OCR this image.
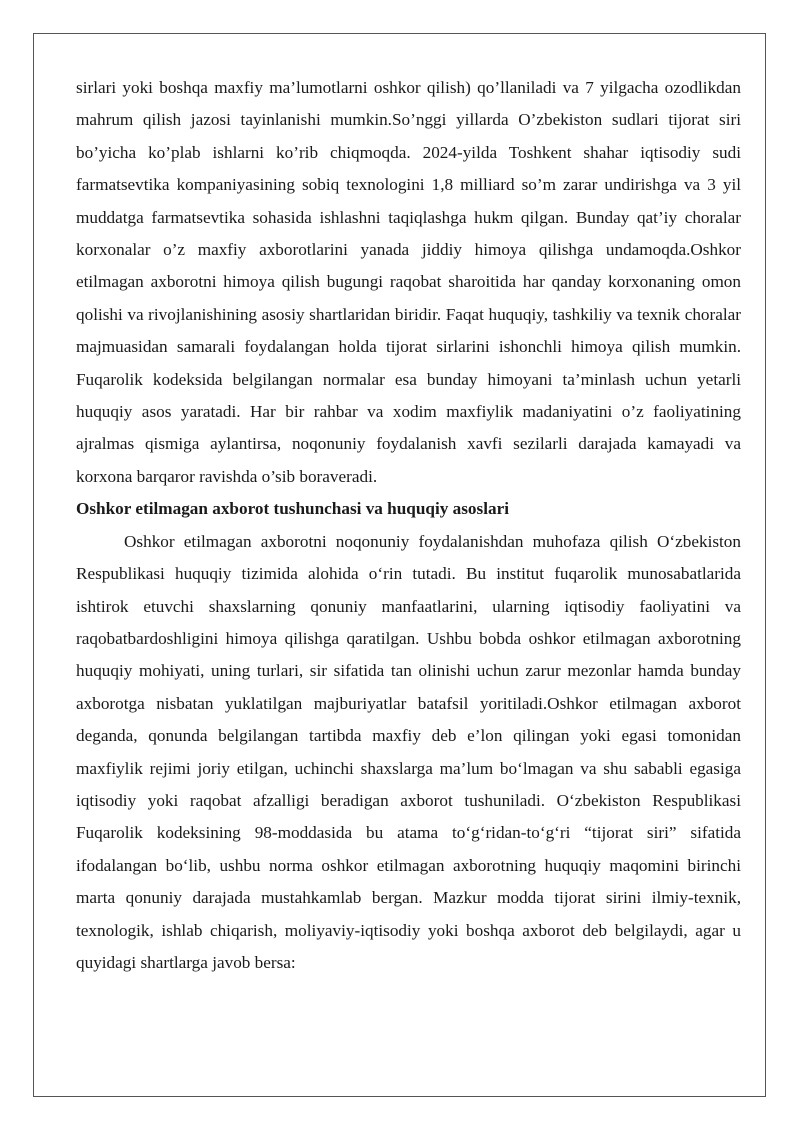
sirlari yoki boshqa maxfiy ma’lumotlarni oshkor qilish) qo’llaniladi va 7 yilgacha ozodlikdan mahrum qilish jazosi tayinlanishi mumkin.So’nggi yillarda O’zbekiston sudlari tijorat siri bo’yicha ko’plab ishlarni ko’rib chiqmoqda. 2024-yilda Toshkent shahar iqtisodiy sudi farmatsevtika kompaniyasining sobiq texnologini 1,8 milliard so’m zarar undirishga va 3 yil muddatga farmatsevtika sohasida ishlashni taqiqlashga hukm qilgan. Bunday qat’iy choralar korxonalar o’z maxfiy axborotlarini yanada jiddiy himoya qilishga undamoqda.Oshkor etilmagan axborotni himoya qilish bugungi raqobat sharoitida har qanday korxonaning omon qolishi va rivojlanishining asosiy shartlaridan biridir. Faqat huquqiy, tashkiliy va texnik choralar majmuasidan samarali foydalangan holda tijorat sirlarini ishonchli himoya qilish mumkin. Fuqarolik kodeksida belgilangan normalar esa bunday himoyani ta’minlash uchun yetarli huquqiy asos yaratadi. Har bir rahbar va xodim maxfiylik madaniyatini o’z faoliyatining ajralmas qismiga aylantirsa, noqonuniy foydalanish xavfi sezilarli darajada kamayadi va korxona barqaror ravishda o’sib boraveradi.

Oshkor etilmagan axborot tushunchasi va huquqiy asoslari

Oshkor etilmagan axborotni noqonuniy foydalanishdan muhofaza qilish O‘zbekiston Respublikasi huquqiy tizimida alohida o‘rin tutadi. Bu institut fuqarolik munosabatlarida ishtirok etuvchi shaxslarning qonuniy manfaatlarini, ularning iqtisodiy faoliyatini va raqobatbardoshligini himoya qilishga qaratilgan. Ushbu bobda oshkor etilmagan axborotning huquqiy mohiyati, uning turlari, sir sifatida tan olinishi uchun zarur mezonlar hamda bunday axborotga nisbatan yuklatilgan majburiyatlar batafsil yoritiladi.Oshkor etilmagan axborot deganda, qonunda belgilangan tartibda maxfiy deb e’lon qilingan yoki egasi tomonidan maxfiylik rejimi joriy etilgan, uchinchi shaxslarga ma’lum bo‘lmagan va shu sababli egasiga iqtisodiy yoki raqobat afzalligi beradigan axborot tushuniladi. O‘zbekiston Respublikasi Fuqarolik kodeksining 98-moddasida bu atama to‘g‘ridan-to‘g‘ri “tijorat siri” sifatida ifodalangan bo‘lib, ushbu norma oshkor etilmagan axborotning huquqiy maqomini birinchi marta qonuniy darajada mustahkamlab bergan. Mazkur modda tijorat sirini ilmiy-texnik, texnologik, ishlab chiqarish, moliyaviy-iqtisodiy yoki boshqa axborot deb belgilaydi, agar u quyidagi shartlarga javob bersa:
